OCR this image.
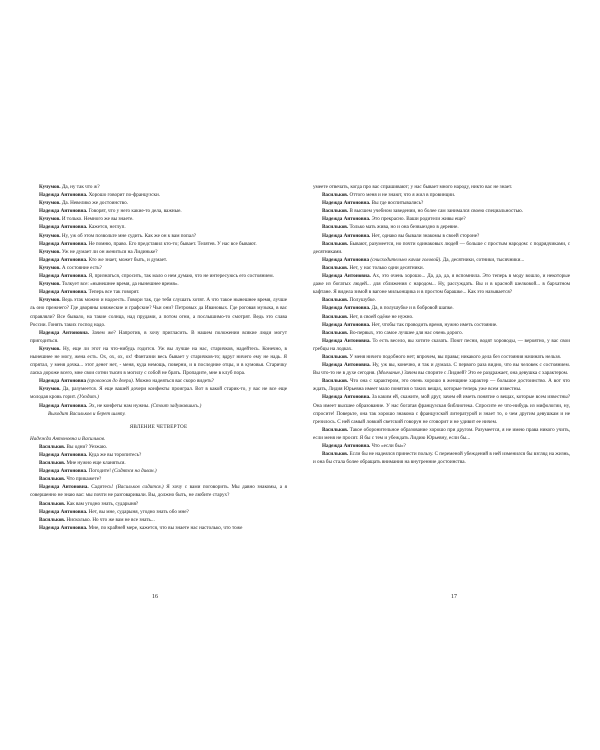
Кучумов. Да, ну так что ж?

Надежда Антоновна. Хорошо говорит по-французски.

Кучумов. Да. Невелико же достоинство.

Надежда Антоновна. Говорят, что у него какие-то дела, важные.

Кучумов. И только. Немного же вы знаете.

Надежда Антоновна. Кажется, неглуп.

Кучумов. Ну, уж об этом позвольте мне судить. Как же он к вам попал?

Надежда Антоновна. Не помню, право. Его представил кто-то; бывает. Телятев. У нас все бывают.

Кучумов. Уж не думает ли он жениться на Лидиньке?

Надежда Антоновна. Кто же знает, может быть, и думает.

Кучумов. А состояние есть?

Надежда Антоновна. Я, признаться, спросить, так мало о нем думаю, что не интересуюсь его состоянием.

Кучумов. Толкует все: «нынешнее время, да нынешнее время».

Надежда Антоновна. Теперь все так говорят.

Кучумов. Ведь этак можно и надоесть. Говори так, где тебя слушать хотят. А что такое нынешнее время, лучше ль оно прежнего? Где дворяны княжеские и графские? Чьи они? Петровых да Ивановых. Где роговая музыка, в вас справляли? Все бывало, на такие солнца, над прудами, а потом огни, а послышимо-то смотрят. Ведь это слава России. Гонять таких господ надо.

Надежда Антоновна. Зачем же? Напротив, в хочу пригласить. В нашем положении всякие люди могут пригодиться.

Кучумов. Ну, еще ли этот на что-нибудь годится. Уж вы лучше на нас, старичков, надейтесь. Конечно, в нынешнее не могу, жена есть. Ох, ох, ох, ох! Фантазии весь бывает у старичков-то; вдруг ничего ему не надь. Я спрятал, у меня дочка... этот денег нет, - меня, куда немощь, поверни, и в последние отцы, и в кумовья. Старичку ласка дороже всего, мне свои сотни тысяч в могилу с собой не брать. Пропадите, мне в клуб пора.

Надежда Антоновна (провожая до двери). Можно надеяться вас скоро видеть?

Кучумов. Да, разумеется. Я еще вашей дочери конфекты проиграл. Вот в какой старик-то, у вас не все еще молодая кровь горит. (Уходит.)

Надежда Антоновна. Эх, не конфеты нам нужны. (Стоит задумавшись.)

Выходит Васильков и берет шляпу.

ЯВЛЕНИЕ ЧЕТВЕРТОЕ

Надежда Антоновна и Васильков.

Васильков. Вы одни? Уезжаю.

Надежда Антоновна. Куда же вы торопитесь?

Васильков. Мне нужно еще кланяться.

Надежда Антоновна. Погодите! (Садятся на диван.)

Васильков. Что прикажете?

Надежда Антоновна. Садитесь! (Васильков садится.) Я хочу с вами поговорить. Мы давно знакомы, а я совершенно не знаю вас: мы почти не разговаривали. Вы, должно быть, не любите старух?

Васильков. Как вам угодно знать, сударыня?

Надежда Антоновна. Нет, вы мне, сударыня, угодно знать обо мне?

Васильков. Нисколько. Но что же вам не все знать...

Надежда Антоновна. Мне, по крайней мере, кажется, что вы знаете нас настолько, что тоже

умеете отвечать, когда про вас спрашивают; у нас бывает много народу, никто вас не знает.

Васильков. Оттого меня и не знают, что я жил в провинции.

Надежда Антоновна. Вы где воспитывались?

Васильков. В высшем учебном заведении, но более сам занимался своею специальностью.

Надежда Антоновна. Это прекрасно. Ваши родители живы еще?

Васильков. Только мать жива, но и она безвыездно в деревне.

Надежда Антоновна. Нет, однако вы бывали знакомы в своей стороне?

Васильков. Бывают, разумеется, но почти одинаковых людей — больше с простым народом: с подрядчиками, с десятниками.

Надежда Антоновна (снисходительно качая головой). Да, десятники, сотники, тысячники...

Васильков. Нет, у нас только одни десятники.

Надежда Антоновна. Ах, это очень хорошо... Да, да, да, я вспомнила. Это теперь в моду вошло, и некоторые даже из богатых людей... для сближения с народом... Ну, рассуждать. Вы и в красной шелковой... в бархатном кафтане. Я видела зимой в вагоне мильонщика и в простом барашке... Как это называется?

Васильков. Полушубке.

Надежда Антоновна. Да, в полушубке и в бобровой шапке.

Васильков. Нет, в своей одёже не нужно.

Надежда Антоновна. Нет, чтобы так проводить время, нужно иметь состояние.

Васильков. Во-первых, это самое лучшее для нас очень дорого.

Надежда Антоновна. То есть весело, вы хотите сказать. Поют песни, водят хороводы, — вероятно, у вас свои гребцы на лодках.

Васильков. У меня ничего подобного нет; впрочем, вы правы; никакого дела без состояния начинать нельзя.

Надежда Антоновна. Ну, уж вы, конечно, я так и думала. С первого раза видно, что вы человек с состоянием. Вы что-то не в духе сегодня. (Молчание.) Зачем вы спорите с Лидией? Это ее раздражает, она девушка с характером.

Васильков. Что она с характером, это очень хорошо в женщине характер — большое достоинство. А вот что ждать, Лидия Юрьевна имеет мало понятия о таких вещах, которые теперь уже всем известны.

Надежда Антоновна. За каким ей, скажите, мой друг, зачем ей иметь понятие о вещах, которые всем известны? Она имеет высшее образование. У нас богатая французская библиотека. Спросите ее что-нибудь из мифологии, ну, спросите! Поверьте, она так хорошо знакома с французской литературой и знает то, о чем другим девушкам и не грезилось. С ней самый ловкий светский говорун не сговорит и не удивит ее ничем.

Васильков. Такое оборонительное образование хорошо при другом. Разумеется, я не имею права никого учить, если меня не просят. Я бы с тем и убеждать Лидию Юрьевну, если бы...

Надежда Антоновна. Что «если бы»?

Васильков. Если бы не надеялся принести пользу. С переменой убеждений в ней изменился бы взгляд на жизнь, и она бы стала более обращать внимания на внутренние достоинства.

16	17
